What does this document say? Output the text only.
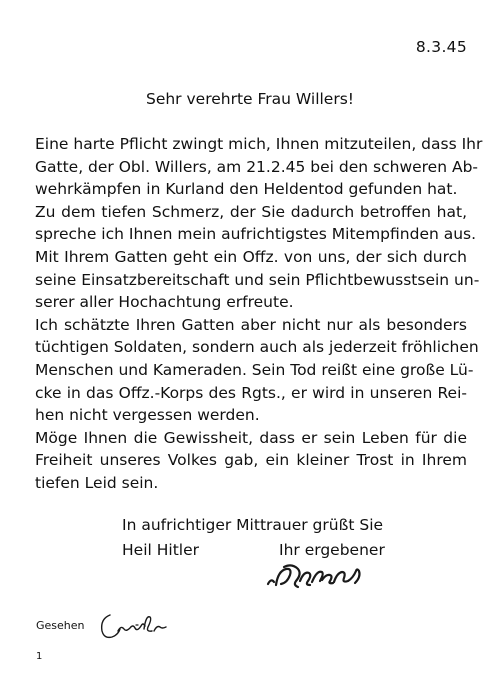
8.3.45
Sehr verehrte Frau Willers!
Eine harte Pflicht zwingt mich, Ihnen mitzuteilen, dass Ihr
Gatte, der Obl. Willers, am 21.2.45 bei den schweren Ab-
wehrkämpfen in Kurland den Heldentod gefunden hat.
Zu dem tiefen Schmerz, der Sie dadurch betroffen hat,
spreche ich Ihnen mein aufrichtigstes Mitempfinden aus.
Mit Ihrem Gatten geht ein Offz. von uns, der sich durch
seine Einsatzbereitschaft und sein Pflichtbewusstsein un-
serer aller Hochachtung erfreute.
Ich schätzte Ihren Gatten aber nicht nur als besonders
tüchtigen Soldaten, sondern auch als jederzeit fröhlichen
Menschen und Kameraden. Sein Tod reißt eine große Lü-
cke in das Offz.-Korps des Rgts., er wird in unseren Rei-
hen nicht vergessen werden.
Möge Ihnen die Gewissheit, dass er sein Leben für die
Freiheit unseres Volkes gab, ein kleiner Trost in Ihrem
tiefen Leid sein.
In aufrichtiger Mittrauer grüßt Sie
Heil Hitler	Ihr ergebener
Gesehen
1
